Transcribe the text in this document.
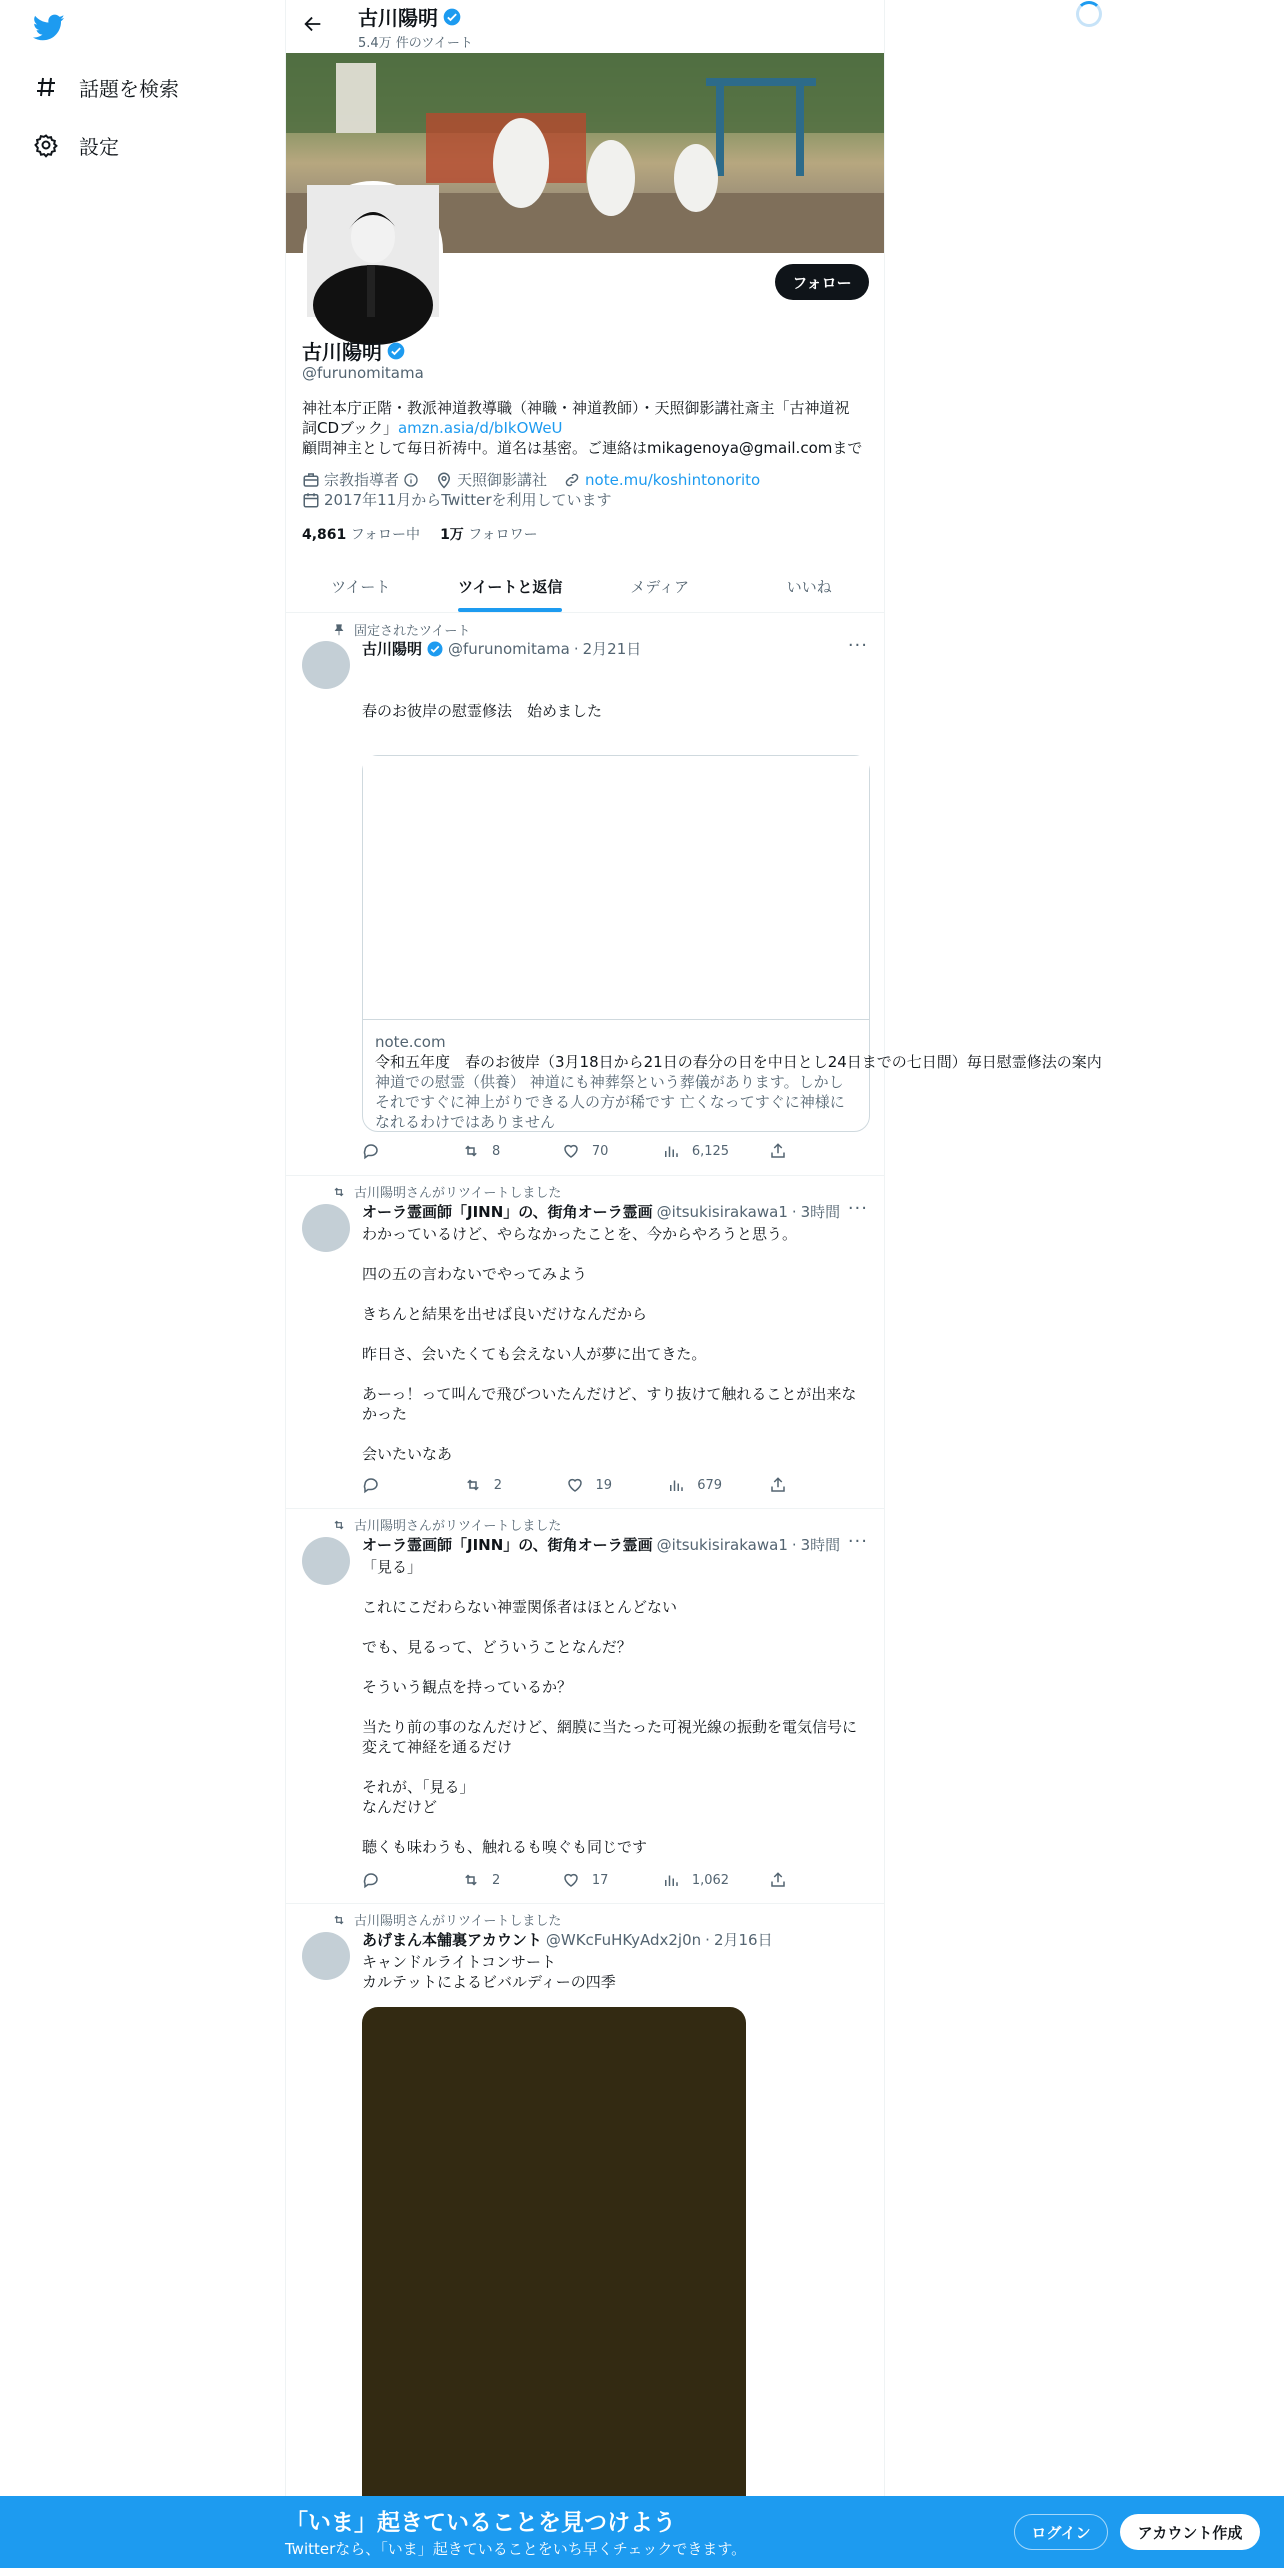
話題を検索
設定
古川陽明
5.4万 件のツイート
フォロー
古川陽明
@furunomitama
神社本庁正階・教派神道教導職（神職・神道教師）・天照御影講社斎主「古神道祝
詞CDブック」amzn.asia/d/bIkOWeU
顧問神主として毎日祈祷中。道名は基密。ご連絡はmikagenoya@gmail.comまで
宗教指導者	天照御影講社	note.mu/koshintonorito
2017年11月からTwitterを利用しています
4,861 フォロー中 1万 フォロワー
ツイート	ツイートと返信	メディア	いいね
固定されたツイート
古川陽明 @furunomitama · 2月21日	···

春のお彼岸の慰霊修法　始めました

note.com
令和五年度　春のお彼岸（3月18日から21日の春分の日を中日とし24日までの七日間）毎日慰霊修法の案内
神道での慰霊（供養） 神道にも神葬祭という葬儀があります。しかしそれですぐに神上がりできる人の方が稀です 亡くなってすぐに神様になれるわけではありません
8	70	6,125
古川陽明さんがリツイートしました
オーラ霊画師「JINN」の、街角オーラ霊画 @itsukisirakawa1 · 3時間 ···
わかっているけど、やらなかったことを、今からやろうと思う。

四の五の言わないでやってみよう

きちんと結果を出せば良いだけなんだから

昨日さ、会いたくても会えない人が夢に出てきた。

あーっ！って叫んで飛びついたんだけど、すり抜けて触れることが出来な
かった

会いたいなあ
2	19	679
古川陽明さんがリツイートしました
オーラ霊画師「JINN」の、街角オーラ霊画 @itsukisirakawa1 · 3時間 ···
「見る」

これにこだわらない神霊関係者はほとんどない

でも、見るって、どういうことなんだ？

そういう観点を持っているか？

当たり前の事のなんだけど、網膜に当たった可視光線の振動を電気信号に
変えて神経を通るだけ

それが、「見る」
なんだけど

聴くも味わうも、触れるも嗅ぐも同じです
2	17	1,062
古川陽明さんがリツイートしました
あげまん本舗裏アカウント @WKcFuHKyAdx2j0n · 2月16日
キャンドルライトコンサート
カルテットによるビバルディーの四季
「いま」起きていることを見つけよう
Twitterなら、「いま」起きていることをいち早くチェックできます。
ログイン	アカウント作成
